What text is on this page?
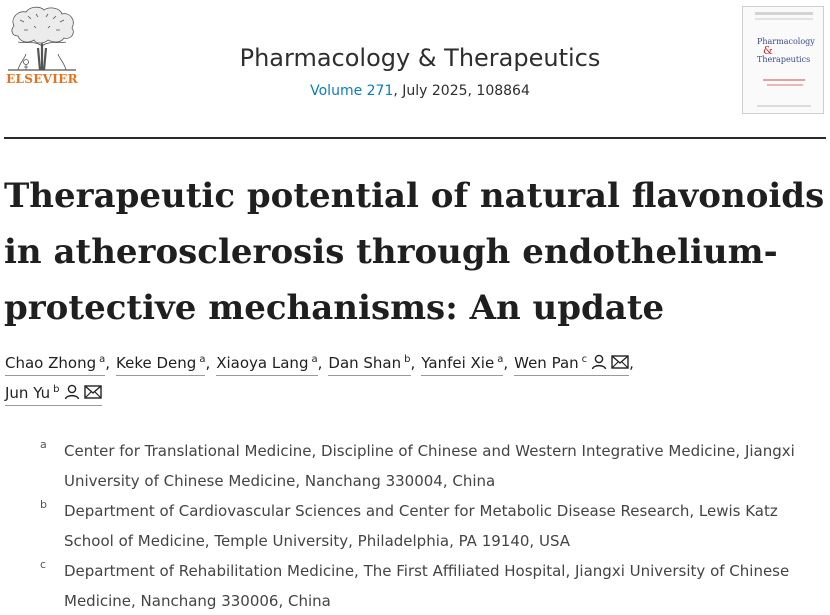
ELSEVIER
Pharmacology & Therapeutics
Volume 271, July 2025, 108864
Pharmacology
&
Therapeutics
Therapeutic potential of natural flavonoids in atherosclerosis through endothelium-protective mechanisms: An update
Chao Zhong $^a$, Keke Deng $^a$, Xiaoya Lang $^a$, Dan Shan $^b$, Yanfei Xie $^a$, Wen Pan $^c$	,
Jun Yu $^b$
a Center for Translational Medicine, Discipline of Chinese and Western Integrative Medicine, Jiangxi University of Chinese Medicine, Nanchang 330004, China
b Department of Cardiovascular Sciences and Center for Metabolic Disease Research, Lewis Katz School of Medicine, Temple University, Philadelphia, PA 19140, USA
c Department of Rehabilitation Medicine, The First Affiliated Hospital, Jiangxi University of Chinese Medicine, Nanchang 330006, China
